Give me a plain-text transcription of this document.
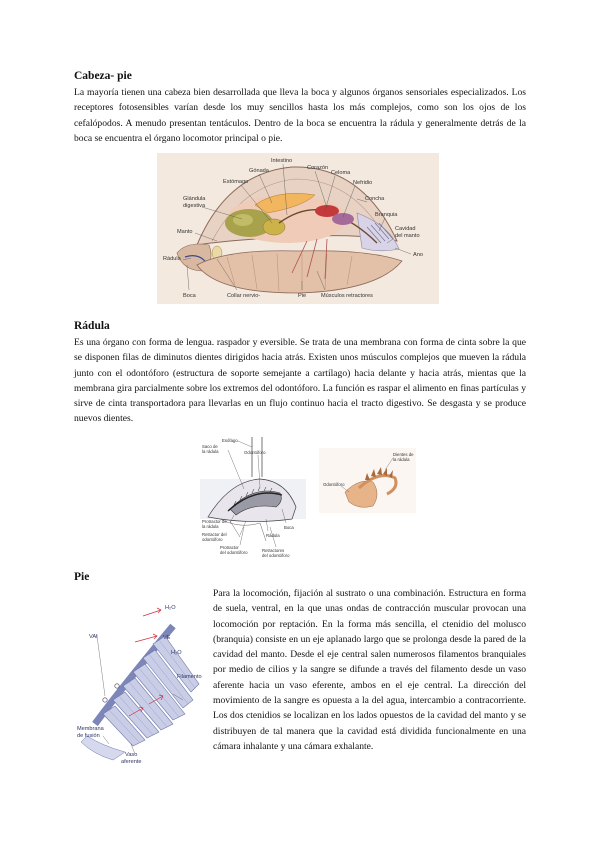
Cabeza- pie

La mayoría tienen una cabeza bien desarrollada que lleva la boca y algunos órganos sensoriales especializados. Los receptores fotosensibles varían desde los muy sencillos hasta los más complejos, como son los ojos de los cefalópodos. A menudo presentan tentáculos. Dentro de la boca se encuentra la rádula y generalmente detrás de la boca se encuentra el órgano locomotor principal o pie.

Intestino
Gónada	Corazón
Estómago
Celoma
Nefridio
Glándula
digestiva
Concha
Branquia
Manto	Cavidad
del manto
Rádula
Ano
Boca	Collar nervio-	Pie	Músculos retractores
Rádula

Es una órgano con forma de lengua. raspador y eversible. Se trata de una membrana con forma de cinta sobre la que se disponen filas de diminutos dientes dirigidos hacia atrás. Existen unos músculos complejos que mueven la rádula junto con el odontóforo (estructura de soporte semejante a cartílago) hacia delante y hacia atrás, mientas que la membrana gira parcialmente sobre los extremos del odontóforo. La función es raspar el alimento en finas partículas y sirve de cinta transportadora para llevarlas en un flujo continuo hacia el tracto digestivo. Se desgasta y se produce nuevos dientes.

Esófago
Saco de
la rádula	Odontóforo
Boca
Protractor de
la rádula
Retractor del
odontóforo
Rádula
Protractor
del odontóforo	Retractores
del odontóforo
Dientes de
la rádula
Odontóforo
Pie

Para la locomoción, fijación al sustrato o una combinación. Estructura en forma de suela, ventral, en la que unas ondas de contracción muscular provocan una locomoción por reptación. En la forma más sencilla, el ctenidio del molusco (branquia) consiste en un eje aplanado largo que se prolonga desde la pared de la cavidad del manto. Desde el eje central salen numerosos filamentos branquiales por medio de cilios y la sangre se difunde a través del filamento desde un vaso aferente hacia un vaso eferente, ambos en el eje central. La dirección del movimiento de la sangre es opuesta a la del agua, intercambio a contracorriente. Los dos ctenidios se localizan en los lados opuestos de la cavidad del manto y se distribuyen de tal manera que la cavidad está dividida funcionalmente en una cámara inhalante y una cámara exhalante.

H₂O
VAf	VE
H₂O
Filamento
Membrana
de fusión
Vaso
aferente
